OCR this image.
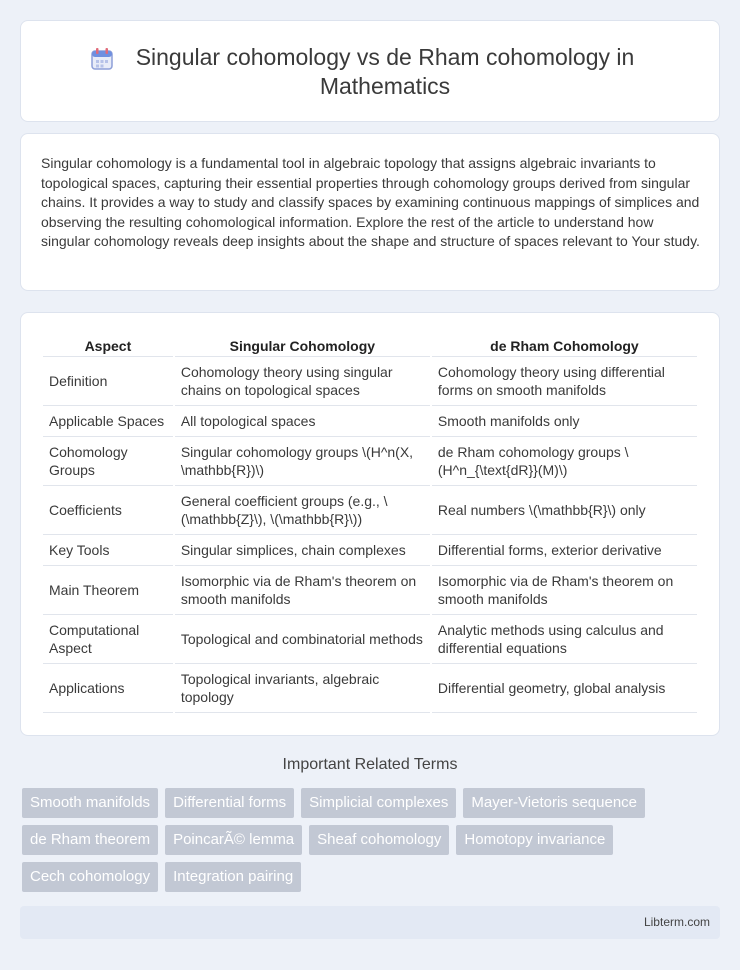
Singular cohomology vs de Rham cohomology in Mathematics

Singular cohomology is a fundamental tool in algebraic topology that assigns algebraic invariants to topological spaces, capturing their essential properties through cohomology groups derived from singular chains. It provides a way to study and classify spaces by examining continuous mappings of simplices and observing the resulting cohomological information. Explore the rest of the article to understand how singular cohomology reveals deep insights about the shape and structure of spaces relevant to Your study.

Aspect	Singular Cohomology	de Rham Cohomology
Definition	Cohomology theory using singular chains on topological spaces	Cohomology theory using differential forms on smooth manifolds
Applicable Spaces	All topological spaces	Smooth manifolds only
Cohomology Groups	Singular cohomology groups \(H^n(X, \mathbb{R})\)	de Rham cohomology groups \(H^n_{\text{dR}}(M)\)
Coefficients	General coefficient groups (e.g., \(\mathbb{Z}\), \(\mathbb{R}\))	Real numbers \(\mathbb{R}\) only
Key Tools	Singular simplices, chain complexes	Differential forms, exterior derivative
Main Theorem	Isomorphic via de Rham's theorem on smooth manifolds	Isomorphic via de Rham's theorem on smooth manifolds
Computational Aspect	Topological and combinatorial methods	Analytic methods using calculus and differential equations
Applications	Topological invariants, algebraic topology	Differential geometry, global analysis
Important Related Terms
Smooth manifolds	Differential forms	Simplicial complexes	Mayer-Vietoris sequence
de Rham theorem	PoincarÃ© lemma	Sheaf cohomology	Homotopy invariance
Cech cohomology	Integration pairing
Libterm.com
